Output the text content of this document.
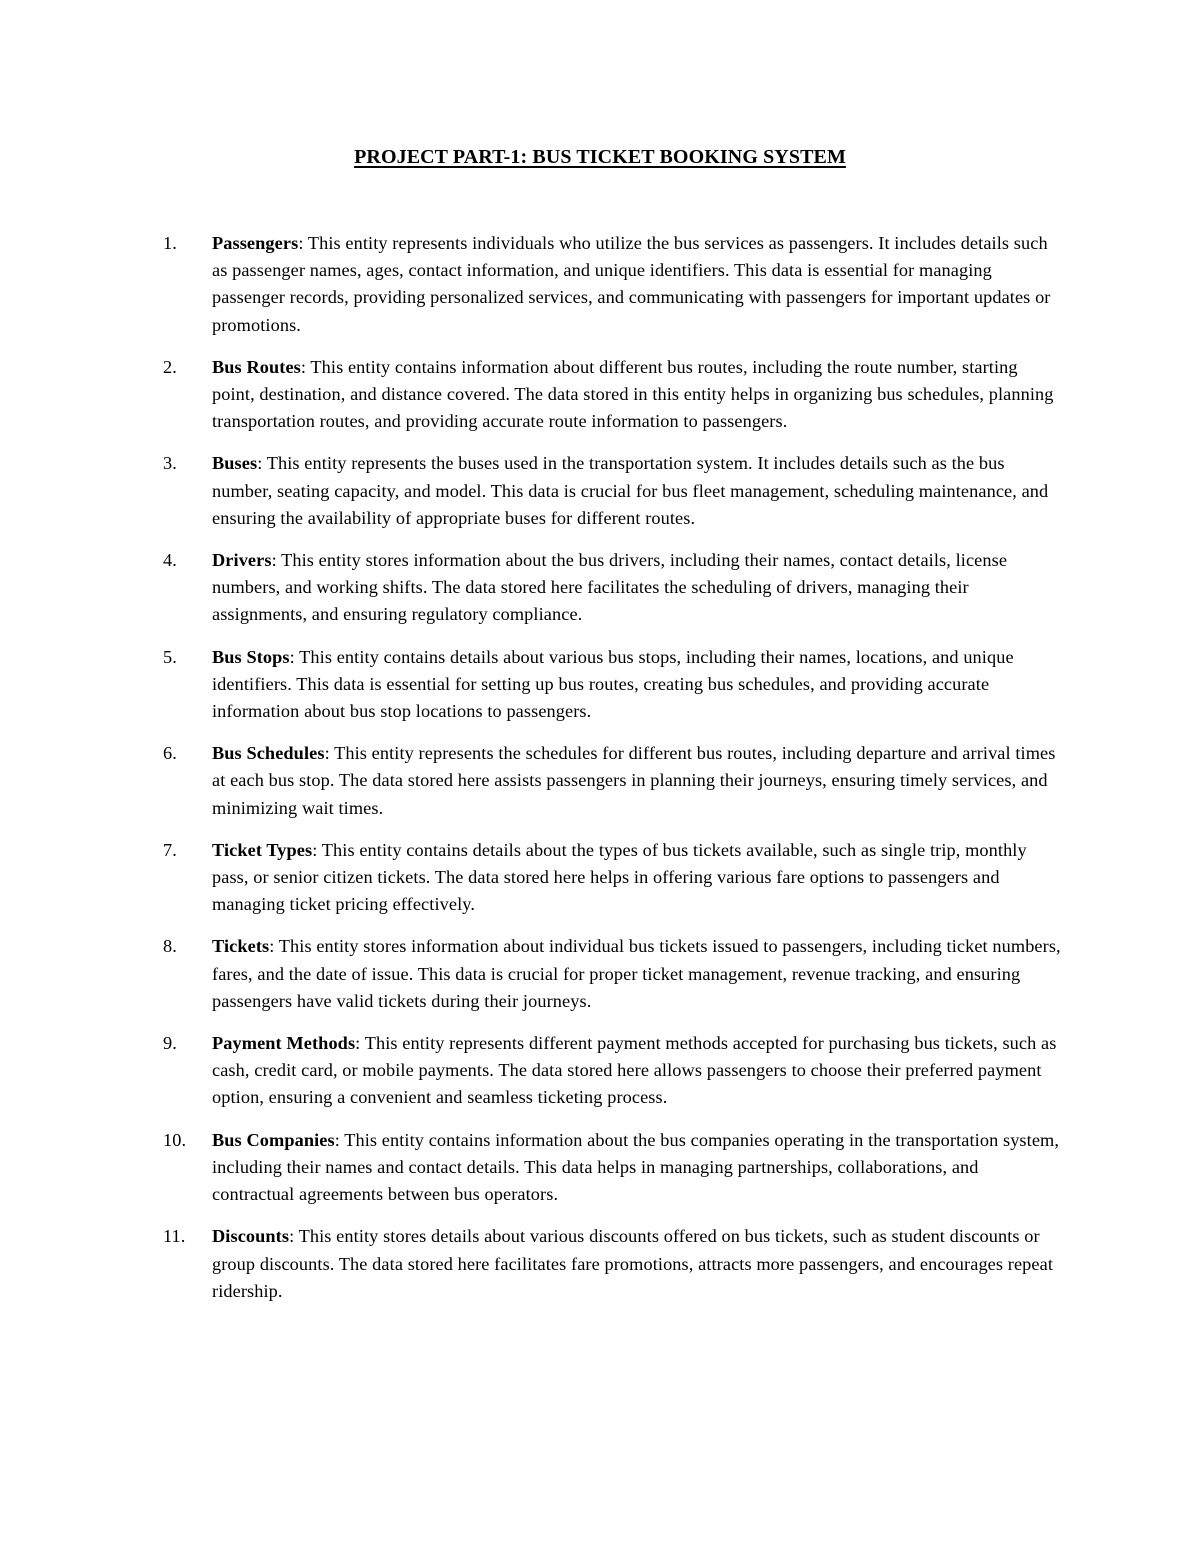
PROJECT PART-1: BUS TICKET BOOKING SYSTEM
1.	Passengers: This entity represents individuals who utilize the bus services as passengers. It includes details such as passenger names, ages, contact information, and unique identifiers. This data is essential for managing passenger records, providing personalized services, and communicating with passengers for important updates or promotions.
2.	Bus Routes: This entity contains information about different bus routes, including the route number, starting point, destination, and distance covered. The data stored in this entity helps in organizing bus schedules, planning transportation routes, and providing accurate route information to passengers.
3.	Buses: This entity represents the buses used in the transportation system. It includes details such as the bus number, seating capacity, and model. This data is crucial for bus fleet management, scheduling maintenance, and ensuring the availability of appropriate buses for different routes.
4.	Drivers: This entity stores information about the bus drivers, including their names, contact details, license numbers, and working shifts. The data stored here facilitates the scheduling of drivers, managing their assignments, and ensuring regulatory compliance.
5.	Bus Stops: This entity contains details about various bus stops, including their names, locations, and unique identifiers. This data is essential for setting up bus routes, creating bus schedules, and providing accurate information about bus stop locations to passengers.
6.	Bus Schedules: This entity represents the schedules for different bus routes, including departure and arrival times at each bus stop. The data stored here assists passengers in planning their journeys, ensuring timely services, and minimizing wait times.
7.	Ticket Types: This entity contains details about the types of bus tickets available, such as single trip, monthly pass, or senior citizen tickets. The data stored here helps in offering various fare options to passengers and managing ticket pricing effectively.
8.	Tickets: This entity stores information about individual bus tickets issued to passengers, including ticket numbers, fares, and the date of issue. This data is crucial for proper ticket management, revenue tracking, and ensuring passengers have valid tickets during their journeys.
9.	Payment Methods: This entity represents different payment methods accepted for purchasing bus tickets, such as cash, credit card, or mobile payments. The data stored here allows passengers to choose their preferred payment option, ensuring a convenient and seamless ticketing process.
10.	Bus Companies: This entity contains information about the bus companies operating in the transportation system, including their names and contact details. This data helps in managing partnerships, collaborations, and contractual agreements between bus operators.
11.	Discounts: This entity stores details about various discounts offered on bus tickets, such as student discounts or group discounts. The data stored here facilitates fare promotions, attracts more passengers, and encourages repeat ridership.
